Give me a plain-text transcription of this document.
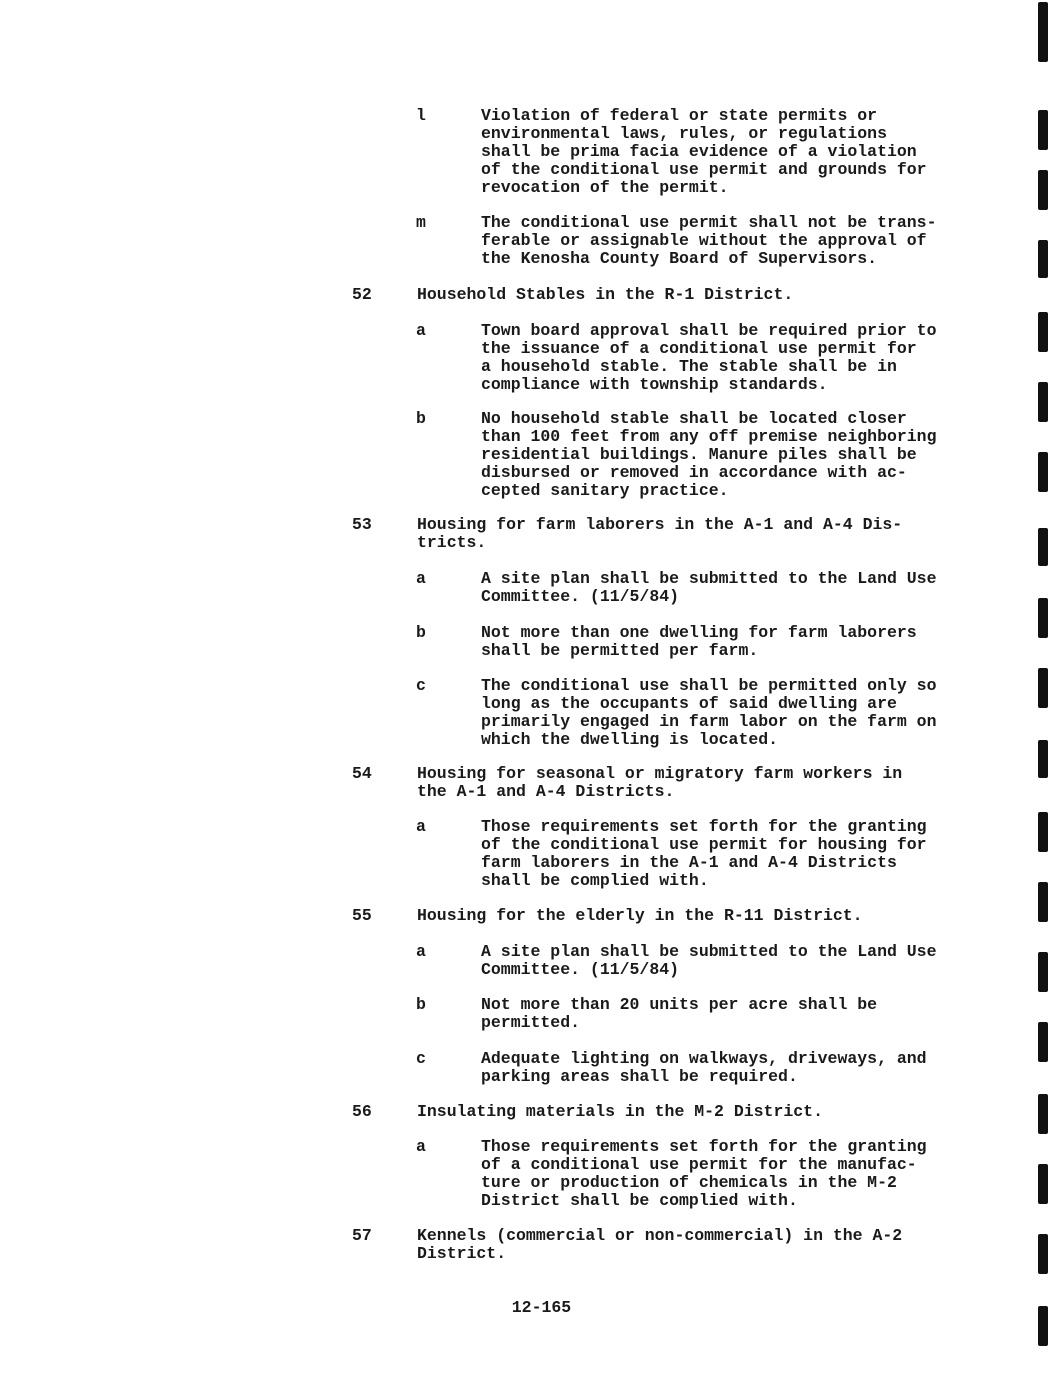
l	Violation of federal or state permits or
environmental laws, rules, or regulations
shall be prima facia evidence of a violation
of the conditional use permit and grounds for
revocation of the permit.
m	The conditional use permit shall not be trans-
ferable or assignable without the approval of
the Kenosha County Board of Supervisors.
52	Household Stables in the R-1 District.
a	Town board approval shall be required prior to
the issuance of a conditional use permit for
a household stable. The stable shall be in
compliance with township standards.
b	No household stable shall be located closer
than 100 feet from any off premise neighboring
residential buildings. Manure piles shall be
disbursed or removed in accordance with ac-
cepted sanitary practice.
53	Housing for farm laborers in the A-1 and A-4 Dis-
tricts.
a	A site plan shall be submitted to the Land Use
Committee. (11/5/84)
b	Not more than one dwelling for farm laborers
shall be permitted per farm.
c	The conditional use shall be permitted only so
long as the occupants of said dwelling are
primarily engaged in farm labor on the farm on
which the dwelling is located.
54	Housing for seasonal or migratory farm workers in
the A-1 and A-4 Districts.
a	Those requirements set forth for the granting
of the conditional use permit for housing for
farm laborers in the A-1 and A-4 Districts
shall be complied with.
55	Housing for the elderly in the R-11 District.
a	A site plan shall be submitted to the Land Use
Committee. (11/5/84)
b	Not more than 20 units per acre shall be
permitted.
c	Adequate lighting on walkways, driveways, and
parking areas shall be required.
56	Insulating materials in the M-2 District.
a	Those requirements set forth for the granting
of a conditional use permit for the manufac-
ture or production of chemicals in the M-2
District shall be complied with.
57	Kennels (commercial or non-commercial) in the A-2
District.
12-165
